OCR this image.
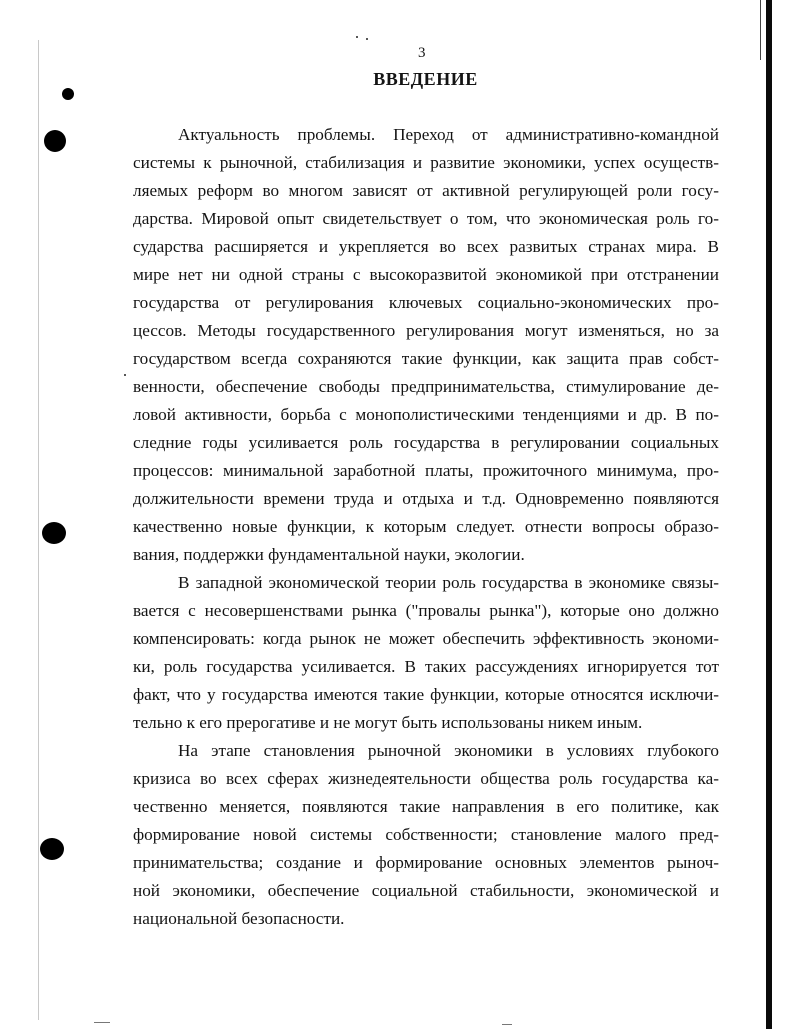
3
ВВЕДЕНИЕ
Актуальность проблемы. Переход от административно-командной
системы к рыночной, стабилизация и развитие экономики, успех осуществ-
ляемых реформ во многом зависят от активной регулирующей роли госу-
дарства. Мировой опыт свидетельствует о том, что экономическая роль го-
сударства расширяется и укрепляется во всех развитых странах мира. В
мире нет ни одной страны с высокоразвитой экономикой при отстранении
государства от регулирования ключевых социально-экономических про-
цессов. Методы государственного регулирования могут изменяться, но за
государством всегда сохраняются такие функции, как защита прав собст-
венности, обеспечение свободы предпринимательства, стимулирование де-
ловой активности, борьба с монополистическими тенденциями и др. В по-
следние годы усиливается роль государства в регулировании социальных
процессов: минимальной заработной платы, прожиточного минимума, про-
должительности времени труда и отдыха и т.д. Одновременно появляются
качественно новые функции, к которым следует. отнести вопросы образо-
вания, поддержки фундаментальной науки, экологии.
В западной экономической теории роль государства в экономике связы-
вается с несовершенствами рынка ("провалы рынка"), которые оно должно
компенсировать: когда рынок не может обеспечить эффективность экономи-
ки, роль государства усиливается. В таких рассуждениях игнорируется тот
факт, что у государства имеются такие функции, которые относятся исключи-
тельно к его прерогативе и не могут быть использованы никем иным.
На этапе становления рыночной экономики в условиях глубокого
кризиса во всех сферах жизнедеятельности общества роль государства ка-
чественно меняется, появляются такие направления в его политике, как
формирование новой системы собственности; становление малого пред-
принимательства; создание и формирование основных элементов рыноч-
ной экономики, обеспечение социальной стабильности, экономической и
национальной безопасности.
